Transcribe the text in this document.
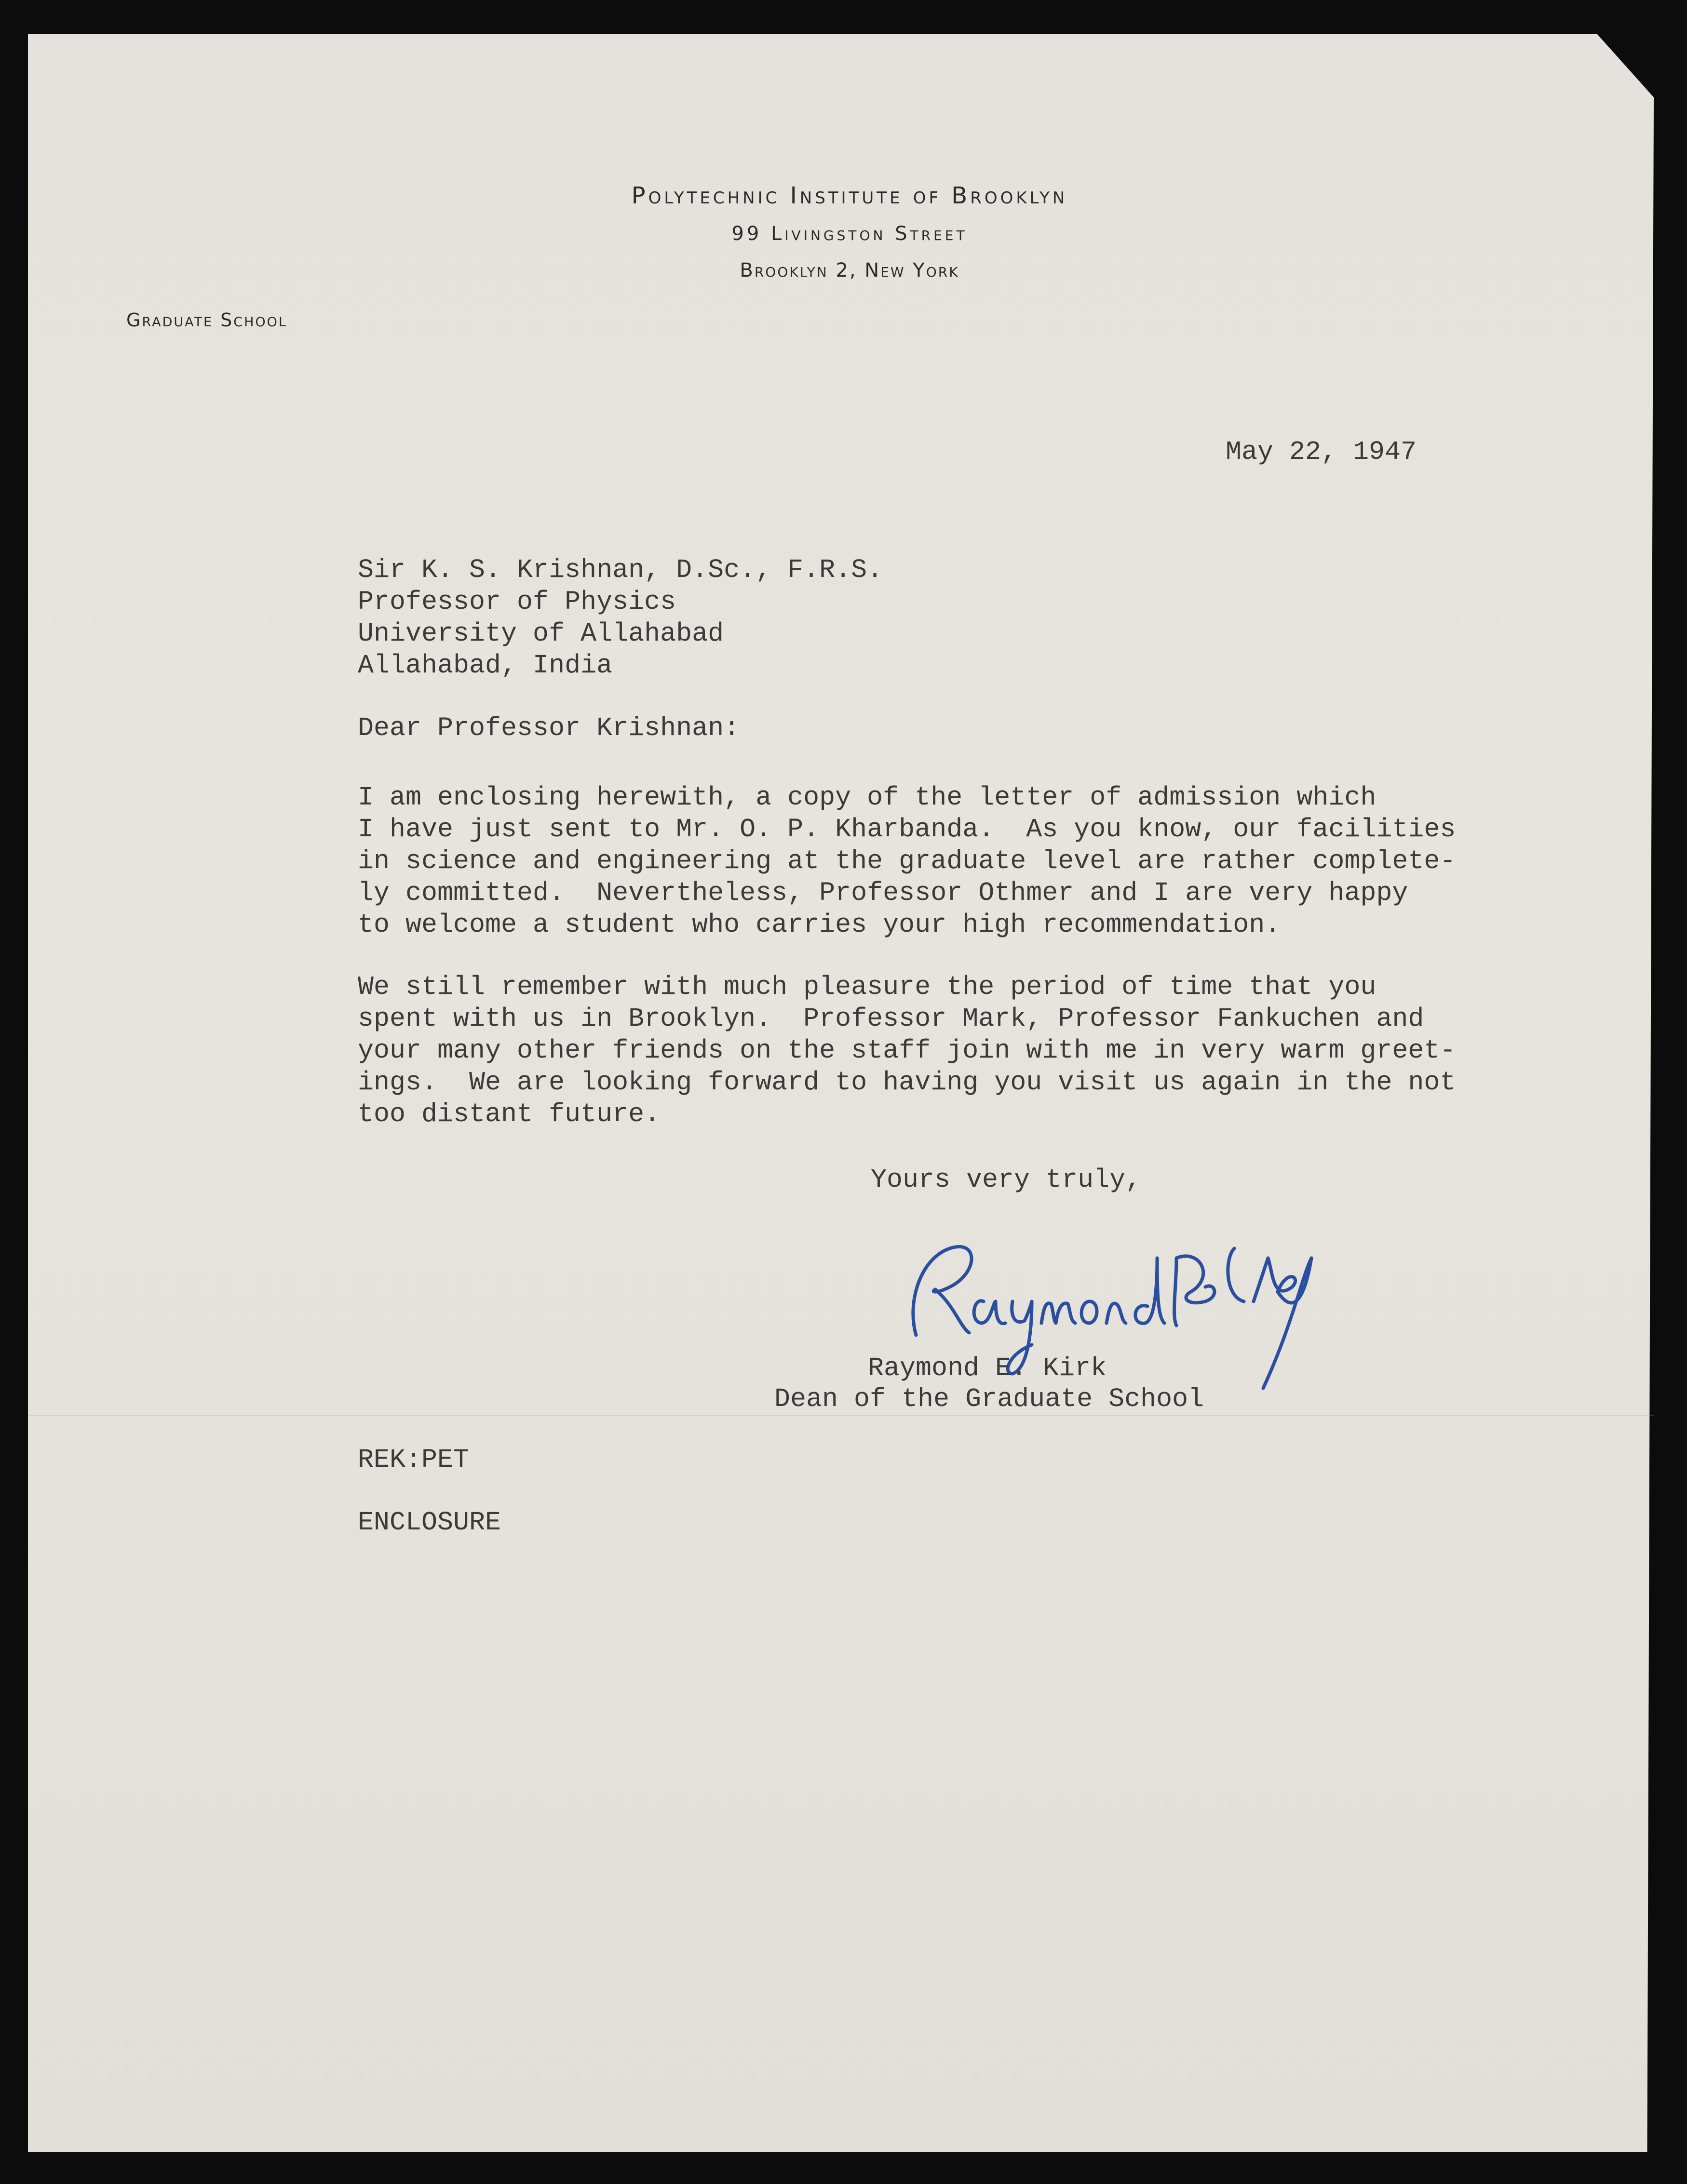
Polytechnic Institute of Brooklyn
99 Livingston Street
Brooklyn 2, New York
Graduate School
May 22, 1947
Sir K. S. Krishnan, D.Sc., F.R.S.
Professor of Physics
University of Allahabad
Allahabad, India
Dear Professor Krishnan:
I am enclosing herewith, a copy of the letter of admission which
I have just sent to Mr. O. P. Kharbanda.  As you know, our facilities
in science and engineering at the graduate level are rather complete-
ly committed.  Nevertheless, Professor Othmer and I are very happy
to welcome a student who carries your high recommendation.
We still remember with much pleasure the period of time that you
spent with us in Brooklyn.  Professor Mark, Professor Fankuchen and
your many other friends on the staff join with me in very warm greet-
ings.  We are looking forward to having you visit us again in the not
too distant future.
Yours very truly,
Raymond E. Kirk
Dean of the Graduate School
REK:PET
ENCLOSURE
